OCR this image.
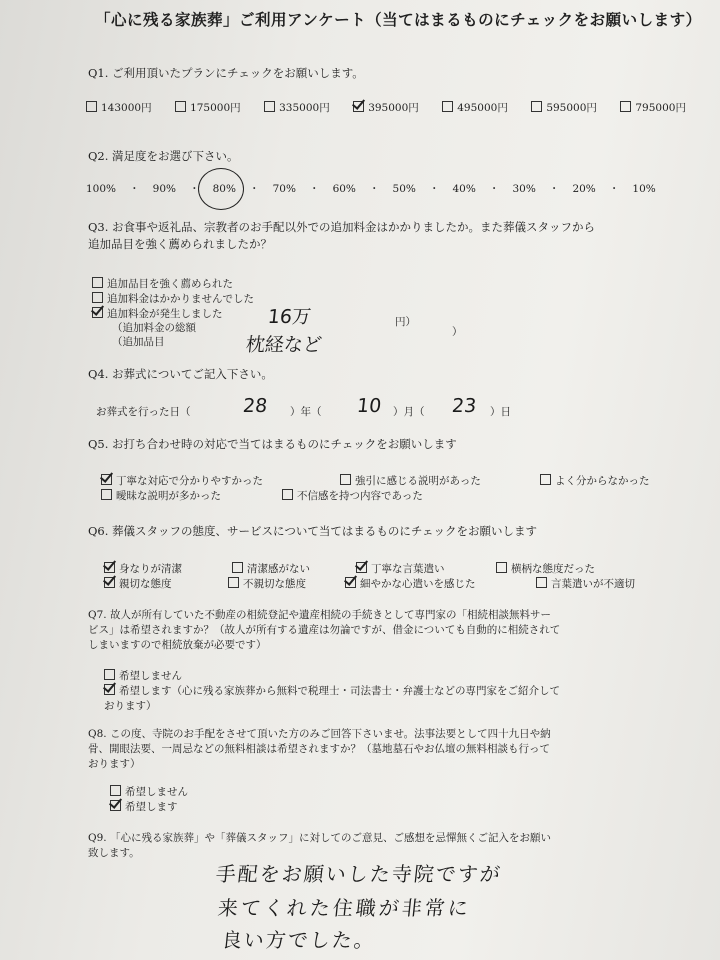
「心に残る家族葬」ご利用アンケート（当てはまるものにチェックをお願いします）
Q1. ご利用頂いたプランにチェックをお願いします。
143000円	175000円	335000円	395000円	495000円	595000円	795000円
Q2. 満足度をお選び下さい。
100% ・ 90% ・ 80% ・ 70% ・ 60% ・ 50% ・ 40% ・ 30% ・ 20% ・ 10%
Q3. お食事や返礼品、宗教者のお手配以外での追加料金はかかりましたか。また葬儀スタッフから
追加品目を強く薦められましたか？
追加品目を強く薦められた
追加料金はかかりませんでした
追加料金が発生しました
（追加料金の総額	16万	円）
（追加品目	枕経など
）
Q4. お葬式についてご記入下さい。
お葬式を行った日（	28 ）年（ 10 ）月（ 23 ）日
Q5. お打ち合わせ時の対応で当てはまるものにチェックをお願いします
丁寧な対応で分かりやすかった	強引に感じる説明があった	よく分からなかった
曖昧な説明が多かった	不信感を持つ内容であった
Q6. 葬儀スタッフの態度、サービスについて当てはまるものにチェックをお願いします
身なりが清潔	清潔感がない	丁寧な言葉遣い	横柄な態度だった
親切な態度	不親切な態度	細やかな心遣いを感じた	言葉遣いが不適切
Q7. 故人が所有していた不動産の相続登記や遺産相続の手続きとして専門家の「相続相談無料サー
ビス」は希望されますか？（故人が所有する遺産は勿論ですが、借金についても自動的に相続されて
しまいますので相続放棄が必要です）
希望しません
希望します（心に残る家族葬から無料で税理士・司法書士・弁護士などの専門家をご紹介して
おります）
Q8. この度、寺院のお手配をさせて頂いた方のみご回答下さいませ。法事法要として四十九日や納
骨、開眼法要、一周忌などの無料相談は希望されますか？（墓地墓石やお仏壇の無料相談も行って
おります）
希望しません
希望します
Q9. 「心に残る家族葬」や「葬儀スタッフ」に対してのご意見、ご感想を忌憚無くご記入をお願い
致します。
手配をお願いした寺院ですが
来てくれた住職が非常に
良い方でした。
